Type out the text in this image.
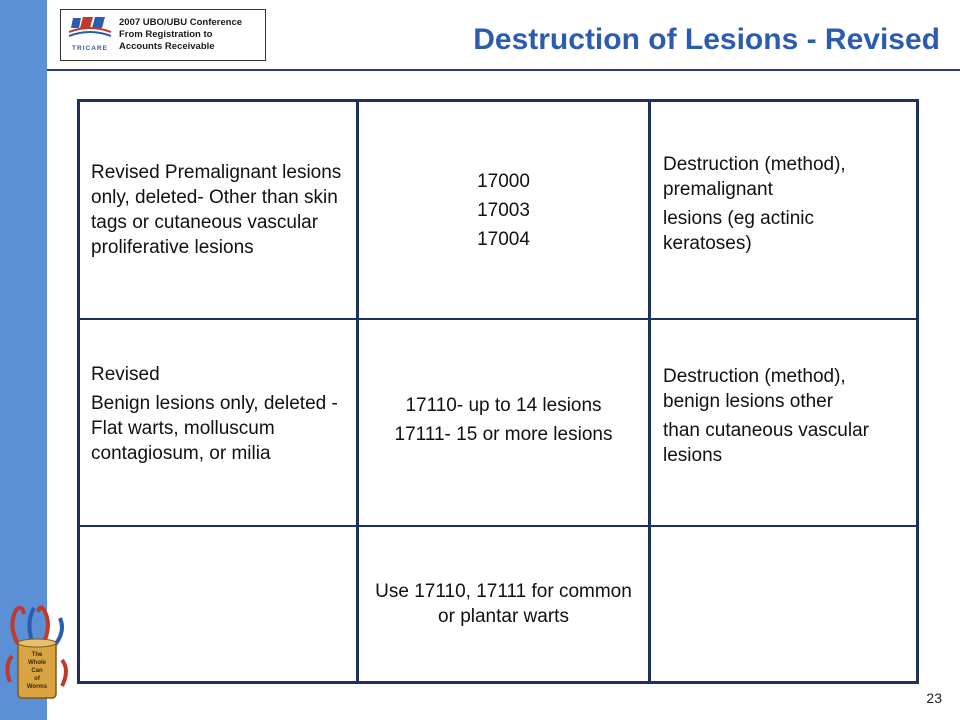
TRICARE
2007 UBO/UBU Conference
From Registration to
Accounts Receivable	Destruction of Lesions - Revised

Revised Premalignant lesions only, deleted- Other than skin tags or cutaneous vascular proliferative lesions

17000

17003

17004

Destruction (method), premalignant

lesions (eg actinic keratoses)

Revised

Benign lesions only, deleted - Flat warts, molluscum contagiosum, or milia

17110- up to 14 lesions

17111- 15 or more lesions

Destruction (method), benign lesions other

than cutaneous vascular lesions

Use 17110, 17111 for common or plantar warts

The
Whole
Can
of
Worms
23
